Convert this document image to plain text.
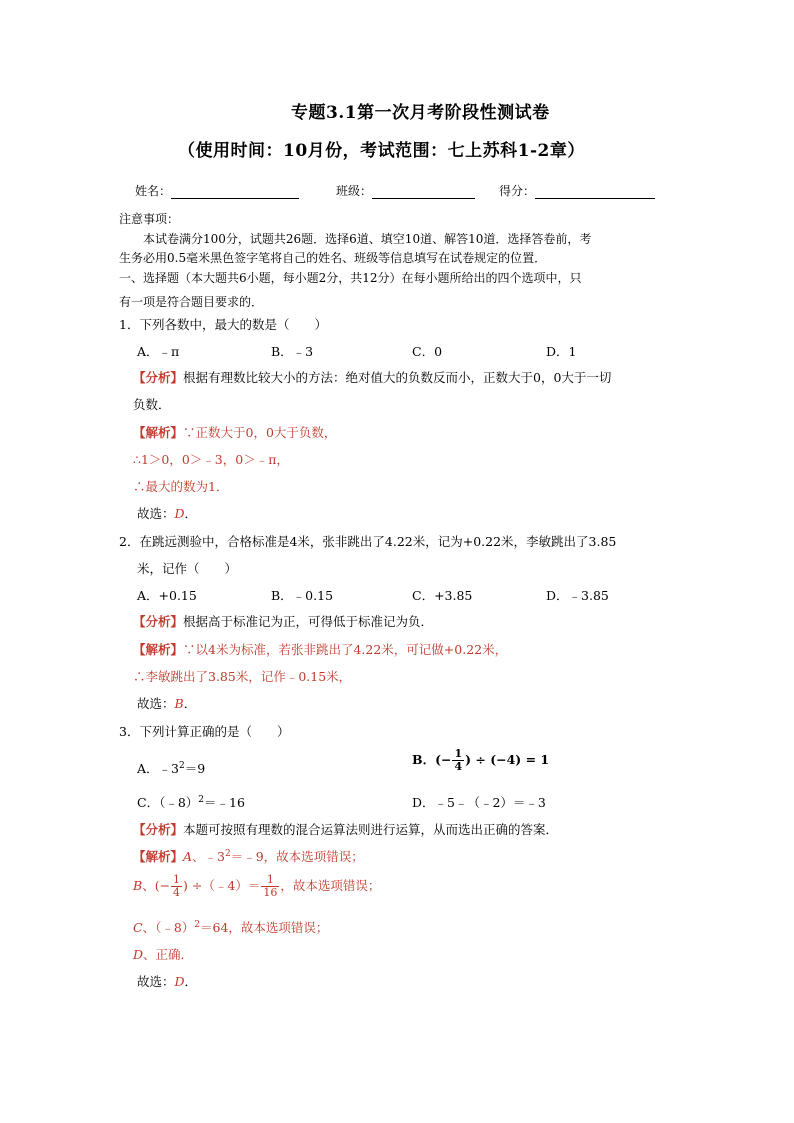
专题3.1第一次月考阶段性测试卷
（使用时间：10月份，考试范围：七上苏科1-2章）
姓名：	班级：	得分：
注意事项：
本试卷满分100分，试题共26题．选择6道、填空10道、解答10道．选择答卷前，考
生务必用0.5毫米黑色签字笔将自己的姓名、班级等信息填写在试卷规定的位置．
一、选择题（本大题共6小题，每小题2分，共12分）在每小题所给出的四个选项中，只
有一项是符合题目要求的．
1．下列各数中，最大的数是（　　）
A．﹣π	B．﹣3	C．0	D．1
【分析】根据有理数比较大小的方法：绝对值大的负数反而小，正数大于0，0大于一切
负数．
【解析】∵正数大于0，0大于负数，
∴1＞0，0＞﹣3，0＞﹣π，
∴最大的数为1．
故选：D．
2．在跳远测验中，合格标准是4米，张非跳出了4.22米，记为+0.22米，李敏跳出了3.85
米，记作（　　）
A．+0.15	B．﹣0.15	C．+3.85	D．﹣3.85
【分析】根据高于标准记为正，可得低于标准记为负．
【解析】∵以4米为标准，若张非跳出了4.22米，可记做+0.22米，
∴李敏跳出了3.85米，记作﹣0.15米，
故选：B．
3．下列计算正确的是（　　）
A．$﹣3^2=9$
B．(− $\frac{1}{4}$ ) ÷ (−4) = 1
C．（﹣8）$^2$＝﹣16	D．﹣5﹣（﹣2）＝﹣3
【分析】本题可按照有理数的混合运算法则进行运算，从而选出正确的答案．
【解析】A、$﹣3^2=﹣9$，故本选项错误；
B、(− $\frac{1}{4}$ ) ÷（﹣4）＝ $\frac{1}{16}$ ，故本选项错误；
C、（﹣8）$^2$＝64，故本选项错误；
D、正确．
故选：D．
